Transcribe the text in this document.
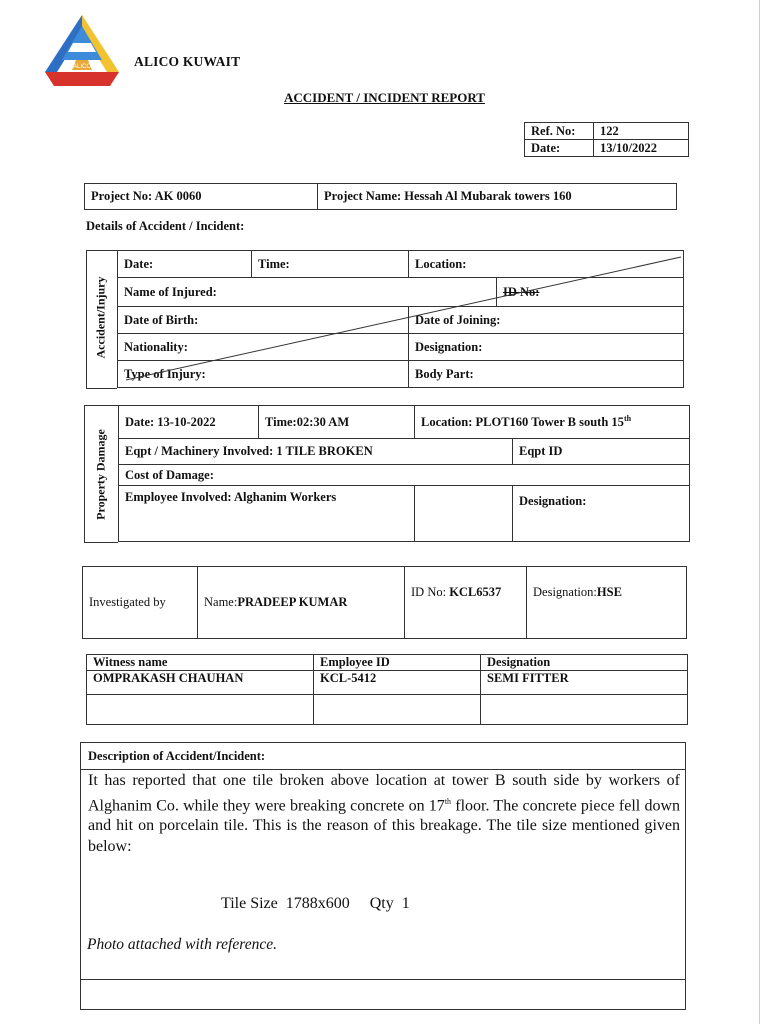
ALICO	ALICO KUWAIT
ACCIDENT / INCIDENT REPORT
Ref. No:	122
Date:	13/10/2022
Project No: AK 0060	Project Name: Hessah Al Mubarak towers 160
Details of Accident / Incident:
Accident/Injury
Date:	Time:	Location:	
Name of Injured:			ID No:
Date of Birth:		Date of Joining:	
Nationality:		Designation:	
Type of Injury:		Body Part:	
Property Damage
Date: 13-10-2022	Time:02:30 AM	Location: PLOT160 Tower B south 15th
Eqpt / Machinery Involved: 1 TILE BROKEN			Eqpt ID
Cost of Damage:			
Employee Involved: Alghanim Workers			Designation:
Investigated by	Name:PRADEEP KUMAR	ID No: KCL6537	Designation:HSE
Witness name	Employee ID	Designation
OMPRAKASH CHAUHAN	KCL-5412	SEMI FITTER

Description of Accident/Incident:
It has reported that one tile broken above location at tower B south side by workers of Alghanim Co. while they were breaking concrete on 17th floor. The concrete piece fell down and hit on porcelain tile. This is the reason of this breakage. The tile size mentioned given below:
Tile Size  1788x600     Qty  1
Photo attached with reference.
